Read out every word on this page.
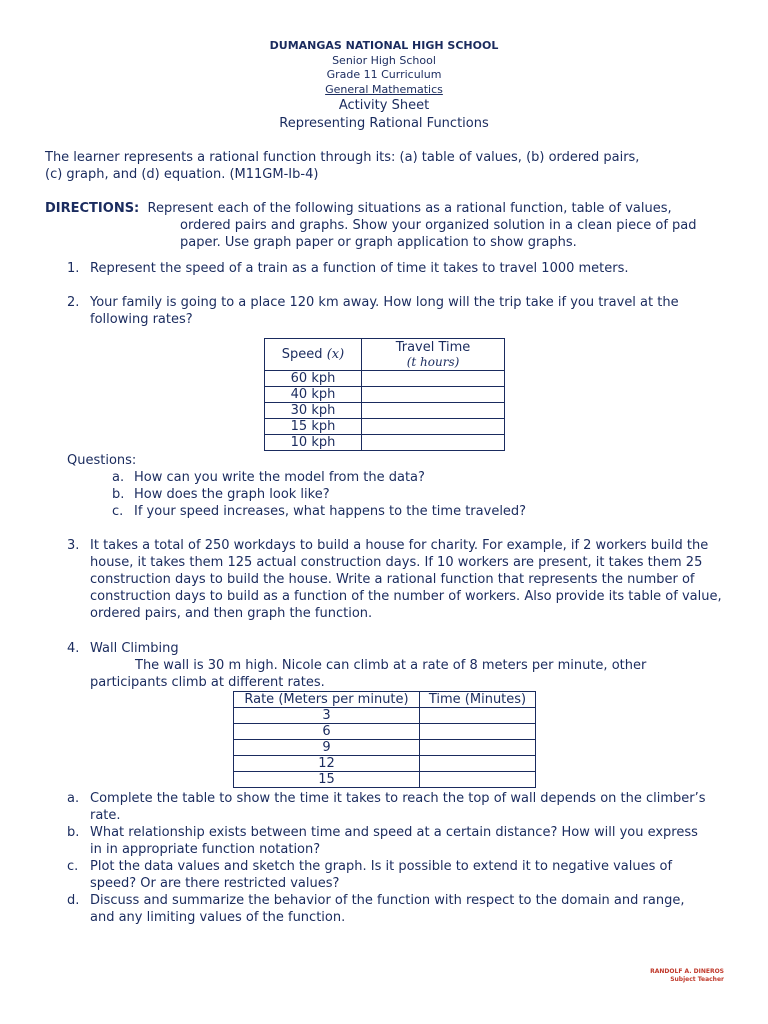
DUMANGAS NATIONAL HIGH SCHOOL

Senior High School

Grade 11 Curriculum

General Mathematics

Activity Sheet

Representing Rational Functions

The learner represents a rational function through its: (a) table of values, (b) ordered pairs,
(c) graph, and (d) equation. (M11GM-Ib-4)
DIRECTIONS: Represent each of the following situations as a rational function, table of values,
ordered pairs and graphs. Show your organized solution in a clean piece of pad
paper. Use graph paper or graph application to show graphs.
1. Represent the speed of a train as a function of time it takes to travel 1000 meters.
2. Your family is going to a place 120 km away. How long will the trip take if you travel at the
following rates?
Speed (x)	Travel Time
(t hours)

60 kph	
40 kph	
30 kph	
15 kph	
10 kph	
Questions:
a. How can you write the model from the data?
b. How does the graph look like?
c. If your speed increases, what happens to the time traveled?
3. It takes a total of 250 workdays to build a house for charity. For example, if 2 workers build the
house, it takes them 125 actual construction days. If 10 workers are present, it takes them 25
construction days to build the house. Write a rational function that represents the number of
construction days to build as a function of the number of workers. Also provide its table of value,
ordered pairs, and then graph the function.
4. Wall Climbing
The wall is 30 m high. Nicole can climb at a rate of 8 meters per minute, other
participants climb at different rates.
Rate (Meters per minute)	Time (Minutes)
3	
6	
9	
12	
15	
a. Complete the table to show the time it takes to reach the top of wall depends on the climber’s
rate.
b. What relationship exists between time and speed at a certain distance? How will you express
in in appropriate function notation?
c. Plot the data values and sketch the graph. Is it possible to extend it to negative values of
speed? Or are there restricted values?
d. Discuss and summarize the behavior of the function with respect to the domain and range,
and any limiting values of the function.
RANDOLF A. DINEROS
Subject Teacher
